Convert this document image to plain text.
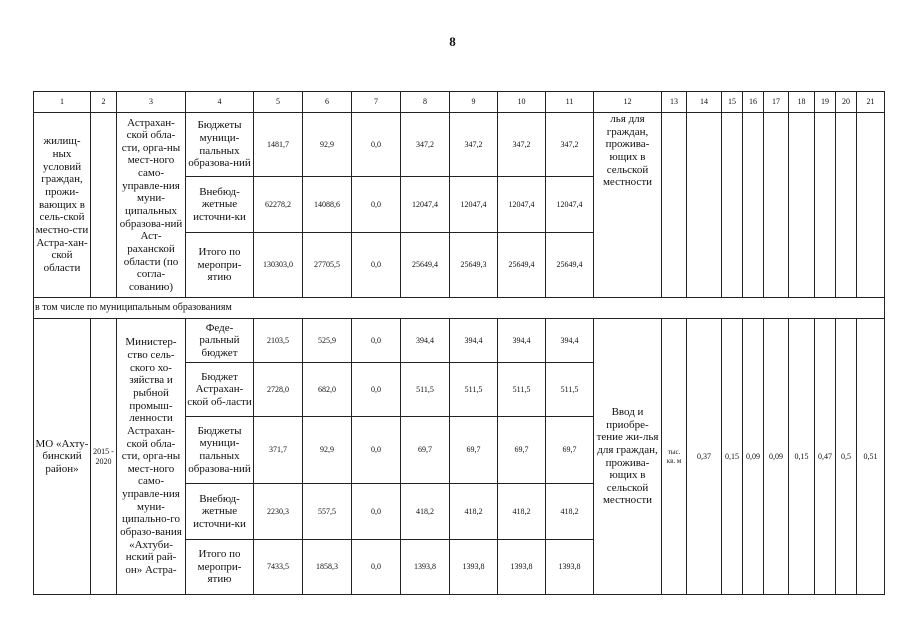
8
1	2	3	4	5	6	7	8	9	10	11	12	13	14	15	16	17	18	19	20	21
жилищ-ных условий граждан, прожи-вающих в сель-ской местно-сти Астра-хан-ской области		Астрахан-ской обла-сти, орга-ны мест-ного само-управле-ния муни-ципальных образова-ний Аст-раханской области (по согла-сованию)	Бюджеты муници-пальных образова-ний	1481,7	92,9	0,0	347,2	347,2	347,2	347,2	лья для граждан, прожива-ющих в сельской местности									
			Внебюд-жетные источни-ки	62278,2	14088,6	0,0	12047,4	12047,4	12047,4	12047,4										
			Итого по меропри-ятию	130303,0	27705,5	0,0	25649,4	25649,3	25649,4	25649,4										
в том числе по муниципальным образованиям																				
МО «Ахту-бинский район»	2015 - 2020	Министер-ство сель-ского хо-зяйства и рыбной промыш-ленности Астрахан-ской обла-сти, орга-ны мест-ного само-управле-ния муни-ципально-го образо-вания «Ахтуби-нский рай-он» Астра-	Феде-ральный бюджет	2103,5	525,9	0,0	394,4	394,4	394,4	394,4	Ввод и приобре-тение жи-лья для граждан, прожива-ющих в сельской местности	тыс. кв. м	0,37	0,15	0,09	0,09	0,15	0,47	0,5	0,51
			Бюджет Астрахан-ской об-ласти	2728,0	682,0	0,0	511,5	511,5	511,5	511,5										
			Бюджеты муници-пальных образова-ний	371,7	92,9	0,0	69,7	69,7	69,7	69,7										
			Внебюд-жетные источни-ки	2230,3	557,5	0,0	418,2	418,2	418,2	418,2										
			Итого по меропри-ятию	7433,5	1858,3	0,0	1393,8	1393,8	1393,8	1393,8										
